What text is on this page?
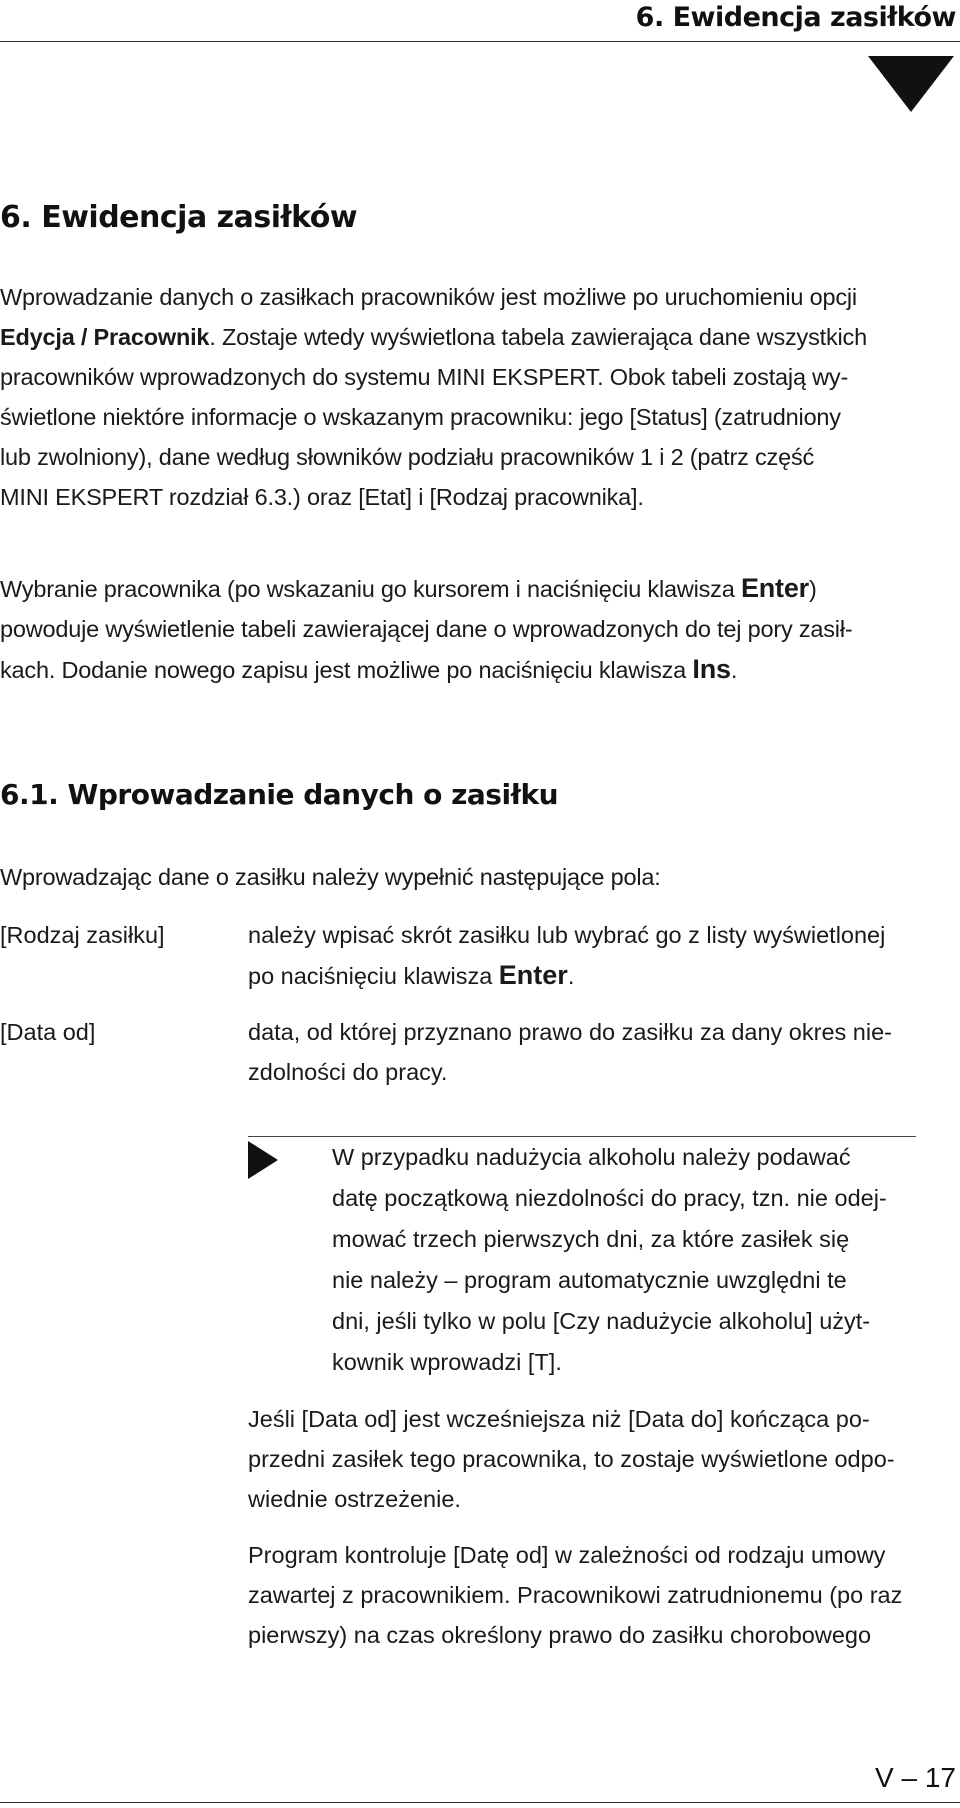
6. Ewidencja zasiłków
6. Ewidencja zasiłków

Wprowadzanie danych o zasiłkach pracowników jest możliwe po uruchomieniu opcji
Edycja / Pracownik. Zostaje wtedy wyświetlona tabela zawierająca dane wszystkich
pracowników wprowadzonych do systemu MINI EKSPERT. Obok tabeli zostają wy-
świetlone niektóre informacje o wskazanym pracowniku: jego [Status] (zatrudniony
lub zwolniony), dane według słowników podziału pracowników 1 i 2 (patrz część
MINI EKSPERT rozdział 6.3.) oraz [Etat] i [Rodzaj pracownika].

Wybranie pracownika (po wskazaniu go kursorem i naciśnięciu klawisza Enter)
powoduje wyświetlenie tabeli zawierającej dane o wprowadzonych do tej pory zasił-
kach. Dodanie nowego zapisu jest możliwe po naciśnięciu klawisza Ins.

6.1. Wprowadzanie danych o zasiłku

Wprowadzając dane o zasiłku należy wypełnić następujące pola:

[Rodzaj zasiłku]	należy wpisać skrót zasiłku lub wybrać go z listy wyświetlonej
po naciśnięciu klawisza Enter.
[Data od]	data, od której przyznano prawo do zasiłku za dany okres nie-
zdolności do pracy.
W przypadku nadużycia alkoholu należy podawać
datę początkową niezdolności do pracy, tzn. nie odej-
mować trzech pierwszych dni, za które zasiłek się
nie należy – program automatycznie uwzględni te
dni, jeśli tylko w polu [Czy nadużycie alkoholu] użyt-
kownik wprowadzi [T].
Jeśli [Data od] jest wcześniejsza niż [Data do] kończąca po-
przedni zasiłek tego pracownika, to zostaje wyświetlone odpo-
wiednie ostrzeżenie.
Program kontroluje [Datę od] w zależności od rodzaju umowy
zawartej z pracownikiem. Pracownikowi zatrudnionemu (po raz
pierwszy) na czas określony prawo do zasiłku chorobowego
V – 17
